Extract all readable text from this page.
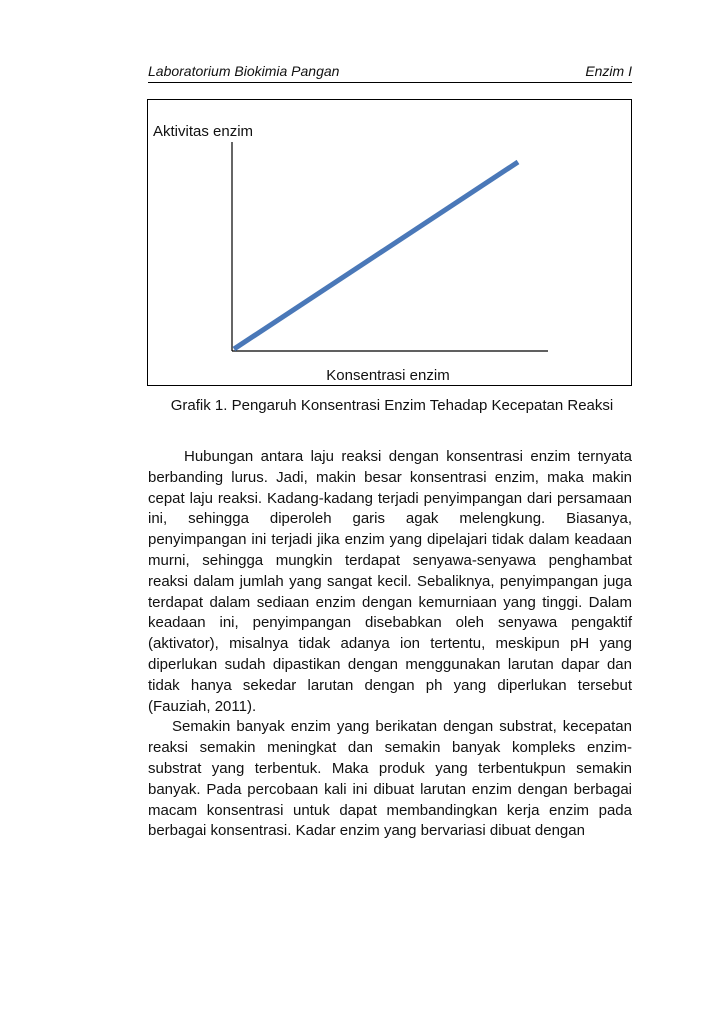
Laboratorium Biokimia Pangan	Enzim I
Aktivitas enzim
Konsentrasi enzim
Grafik 1. Pengaruh Konsentrasi Enzim Tehadap Kecepatan Reaksi

Hubungan antara laju reaksi dengan konsentrasi enzim ternyata berbanding lurus. Jadi, makin besar konsentrasi enzim, maka makin cepat laju reaksi. Kadang-kadang terjadi penyimpangan dari persamaan ini, sehingga diperoleh garis agak melengkung. Biasanya, penyimpangan ini terjadi jika enzim yang dipelajari tidak dalam keadaan murni, sehingga mungkin terdapat senyawa-senyawa penghambat reaksi dalam jumlah yang sangat kecil. Sebaliknya, penyimpangan juga terdapat dalam sediaan enzim dengan kemurniaan yang tinggi. Dalam keadaan ini, penyimpangan disebabkan oleh senyawa pengaktif (aktivator), misalnya tidak adanya ion tertentu, meskipun pH yang diperlukan sudah dipastikan dengan menggunakan larutan dapar dan tidak hanya sekedar larutan dengan ph yang diperlukan tersebut (Fauziah, 2011).

Semakin banyak enzim yang berikatan dengan substrat, kecepatan reaksi semakin meningkat dan semakin banyak kompleks enzim-substrat yang terbentuk. Maka produk yang terbentukpun semakin banyak. Pada percobaan kali ini dibuat larutan enzim dengan berbagai macam konsentrasi untuk dapat membandingkan kerja enzim pada berbagai konsentrasi. Kadar enzim yang bervariasi dibuat dengan
